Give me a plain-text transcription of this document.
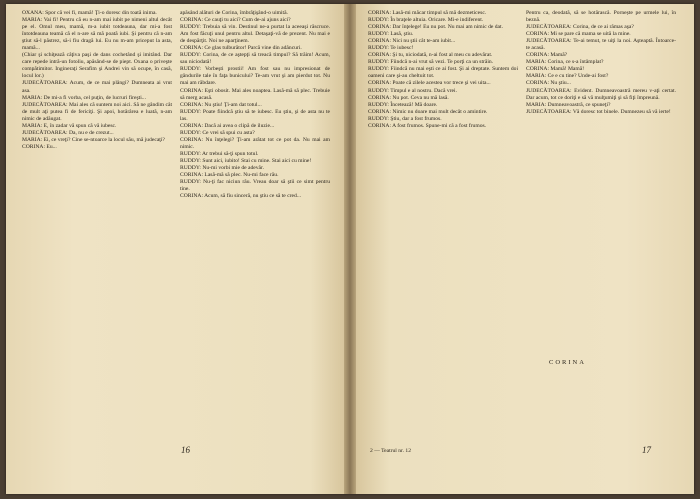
OXANA: Spor că vei fi, mamă! Ţi-o doresc din toată inima.

MARIA: Vai fi! Pentru că eu n-am mai iubit pe nimeni altul decât pe el. Omul meu, mamă, m-a iubit totdeauna, dar mi-a fost întotdeauna teamă că el n-are să mă poată iubi. Şi pentru că n-am ştiut să-l păstrez, să-i fiu dragă lui. Eu nu m-am priceput la asta, mamă...

(Chiar şi schiţează câţiva paşi de dans cochetând şi imitând. Dar care repede intră-un fotoliu, apăsând-se de piept. Oxana o priveşte compătimitor. Ingineraţi Serafim şi Andrei vin să ocupe, în casă, locul lor.)

JUDECĂTOAREA: Acum, de ce mai plângi? Dumneata ai vrut asa.

MARIA: De mi-a fi vorba, cel puţin, de lucruri fireşti...

JUDECĂTOAREA: Mai ales că suntem noi aici. Să ne gândim cât de mult aţi putea fi de fericiţi. Şi apoi, hotărârea e luată, n-am nimic de adăugat.

MARIA: E, în zadar vă spun că vă iubesc.

JUDECĂTOAREA: Da, nu e de crezut...

MARIA: Ei, ce vreţi? Cine se-ntoarce la locul său, mă judecaţi?

CORINA: Eu...

apăsând alături de Corina, îmbrăţişând-o uimită.

CORINA: Ce cauţi tu aici? Cum de-ai ajuns aici?

RUDDY: Trebuia să vin. Destinul ne-a purtat la aceeaşi răscruce. Am fost făcuţi unul pentru altul. Detaşaţi-vă de prezent. Nu mai e de despărţit. Noi ne aparţinem.

CORINA: Ce glas tulburător! Parcă vine din adâncuri.

RUDDY: Corina, de ce aştepţi să treacă timpul? Să trăim! Acum, sau niciodată!

RUDDY: Vorbeşti prostii! Am fost sau nu impresionat de gândurile tale în faţa bunicului? Te-am vrut şi am pierdut tot. Nu mai am răbdare.

CORINA: Eşti obosit. Mai ales noaptea. Lasă-mă să plec. Trebuie să merg acasă.

CORINA: Nu ştiu! Ţi-am dat totul...

RUDDY: Poate fiindcă ştiu să te iubesc. Eu ştiu, şi de asta nu te las.

CORINA: Dacă ai avea o clipă de iluzie...

RUDDY: Ce vrei să spui cu asta?

CORINA: Nu înţelegi? Ţi-am arătat tot ce pot da. Nu mai am nimic.

RUDDY: Ar trebui să-ţi spun totul.

RUDDY: Sunt aici, iubito! Stai cu mine. Stai aici cu mine!

RUDDY: Nu-mi vorbi mie de adevăr.

CORINA: Lasă-mă să plec. Nu-mi face rău.

RUDDY: Nu-ţi fac niciun rău. Vreau doar să ştii ce simt pentru tine.

CORINA: Acum, să fiu sinceră, nu ştiu ce să te cred...

16

CORINA: Lasă-mi măcar timpul să mă dezmeticesc.

RUDDY: În braţele altuia. Oricare. Mi-e indiferent.

CORINA: Dar înţelege! Eu nu pot. Nu mai am nimic de dat.

RUDDY: Lasă, ştiu.

CORINA: Nici nu ştii cât te-am iubit...

RUDDY: Te iubesc!

CORINA: Şi tu, niciodată, n-ai fost al meu cu adevărat.

RUDDY: Fiindcă n-ai vrut să vezi. Te porţi ca un străin.

RUDDY: Fiindcă nu mai eşti ce ai fost. Şi ai dreptate. Suntem doi oameni care şi-au cheltuit tot.

CORINA: Poate că zilele acestea vor trece şi vei uita...

RUDDY: Timpul e al nostru. Dacă vrei.

CORINA: Nu pot. Ceva nu mă lasă.

RUDDY: Încetează! Mă doare.

CORINA: Nimic nu doare mai mult decât o amintire.

RUDDY: Ştiu, dar a fost frumos.

CORINA: A fost frumos. Spune-mi că a fost frumos.

Pentru ca, deodată, să se hotărască. Pornește pe urmele lui, în beznă.

JUDECĂTOAREA: Corina, de ce ai rămas aşa?

CORINA: Mi se pare că mama se uită la mine.

JUDECĂTOAREA: Te-ai temut, te uiţi la noi. Aşteaptă. Întoarce-te acasă.

CORINA: Mamă?

MARIA: Corina, ce s-a întâmplat?

CORINA: Mamă! Mamă!

MARIA: Ce e cu tine? Unde-ai fost?

CORINA: Nu ştiu...

JUDECĂTOAREA: Evident. Dumneavoastră mereu v-aţi certat. Dar acum, tot ce doriţi e să vă mulţumiţi şi să fiţi împreună.

MARIA: Dumneavoastră, ce spuneţi?

JUDECĂTOAREA: Vă doresc tot binele. Dumnezeu să vă ierte!

CORINA
2 — Teatrul nr. 12	17
